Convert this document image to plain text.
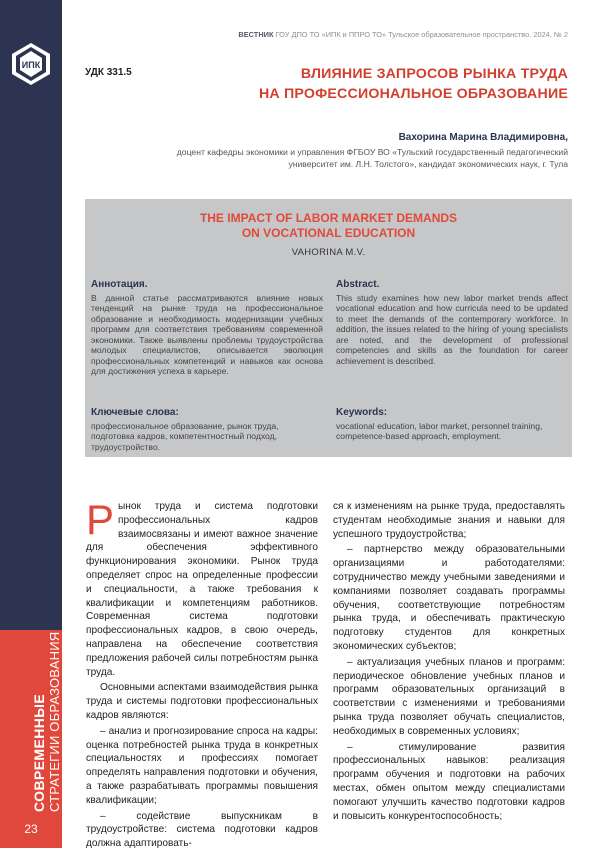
ИПК
СОВРЕМЕННЫЕ СТРАТЕГИИ ОБРАЗОВАНИЯ
23
ВЕСТНИК ГОУ ДПО ТО «ИПК и ППРО ТО» Тульское образовательное пространство. 2024, № 2
УДК 331.5	ВЛИЯНИЕ ЗАПРОСОВ РЫНКА ТРУДА
НА ПРОФЕССИОНАЛЬНОЕ ОБРАЗОВАНИЕ
Вахорина Марина Владимировна,
доцент кафедры экономики и управления ФГБОУ ВО «Тульский государственный педагогический университет им. Л.Н. Толстого», кандидат экономических наук, г. Тула
THE IMPACT OF LABOR MARKET DEMANDS
ON VOCATIONAL EDUCATION
VAHORINA M.V.
Аннотация.
В данной статье рассматриваются влияние новых тенденций на рынке труда на профессиональное образование и необходимость модернизации учебных программ для соответствия требованиям современной экономики. Также выявлены проблемы трудоустройства молодых специалистов, описывается эволюция профессиональных компетенций и навыков как основа для достижения успеха в карьере.
Abstract.
This study examines how new labor market trends affect vocational education and how curricula need to be updated to meet the demands of the contemporary workforce. In addition, the issues related to the hiring of young specialists are noted, and the development of professional competencies and skills as the foundation for career achievement is described.
Ключевые слова:
профессиональное образование, рынок труда, подготовка кадров, компетентностный подход, трудоустройство.
Keywords:
vocational education, labor market, personnel training, competence-based approach, employment.

Рынок труда и система подготовки профессиональных кадров взаимосвязаны и имеют важное значение для обеспечения эффективного функционирования экономики. Рынок труда определяет спрос на определенные профессии и специальности, а также требования к квалификации и компетенциям работников. Современная система подготовки профессиональных кадров, в свою очередь, направлена на обеспечение соответствия предложения рабочей силы потребностям рынка труда.

Основными аспектами взаимодействия рынка труда и системы подготовки профессиональных кадров являются:

– анализ и прогнозирование спроса на кадры: оценка потребностей рынка труда в конкретных специальностях и профессиях помогает определять направления подготовки и обучения, а также разрабатывать программы повышения квалификации;

– содействие выпускникам в трудоустройстве: система подготовки кадров должна адаптировать-

ся к изменениям на рынке труда, предоставлять студентам необходимые знания и навыки для успешного трудоустройства;

– партнерство между образовательными организациями и работодателями: сотрудничество между учебными заведениями и компаниями позволяет создавать программы обучения, соответствующие потребностям рынка труда, и обеспечивать практическую подготовку студентов для конкретных экономических субъектов;

– актуализация учебных планов и программ: периодическое обновление учебных планов и программ образовательных организаций в соответствии с изменениями и требованиями рынка труда позволяет обучать специалистов, необходимых в современных условиях;

– стимулирование развития профессиональных навыков: реализация программ обучения и подготовки на рабочих местах, обмен опытом между специалистами помогают улучшить качество подготовки кадров и повысить конкурентоспособность;
